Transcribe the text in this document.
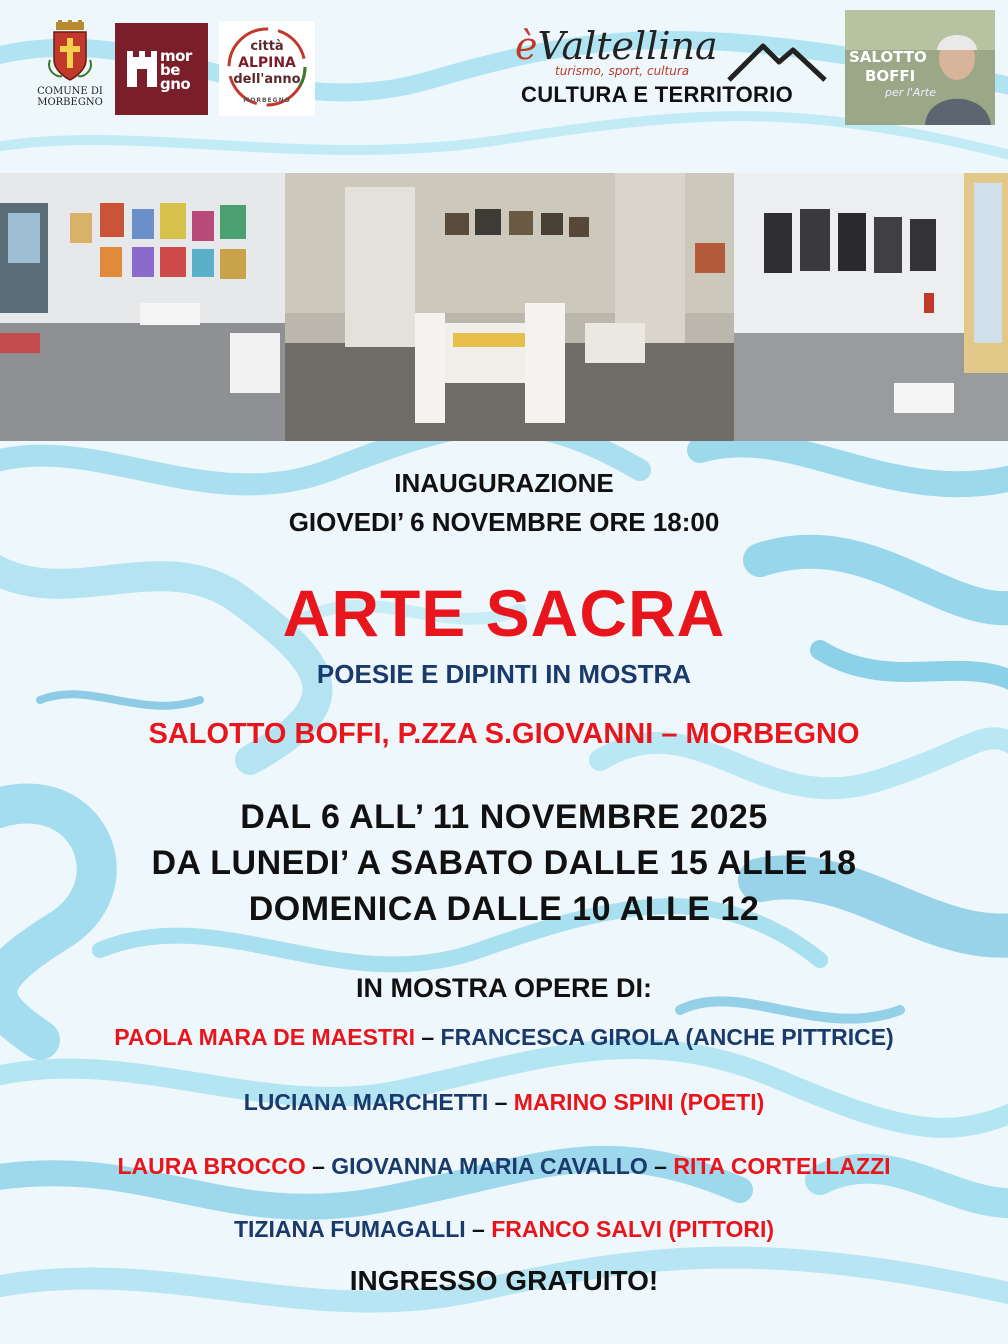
COMUNE DI
MORBEGNO
mor
be
gno
città
ALPINA
dell'anno
MORBEGNO
èValtellina
turismo, sport, cultura
CULTURA E TERRITORIO
SALOTTO
BOFFI
per l'Arte
INAUGURAZIONE
GIOVEDI’ 6 NOVEMBRE ORE 18:00
ARTE SACRA
POESIE E DIPINTI IN MOSTRA
SALOTTO BOFFI, P.ZZA S.GIOVANNI – MORBEGNO
DAL 6 ALL’ 11 NOVEMBRE 2025
DA LUNEDI’ A SABATO DALLE 15 ALLE 18
DOMENICA DALLE 10 ALLE 12
IN MOSTRA OPERE DI:
PAOLA MARA DE MAESTRI – FRANCESCA GIROLA (ANCHE PITTRICE)
LUCIANA MARCHETTI – MARINO SPINI (POETI)
LAURA BROCCO – GIOVANNA MARIA CAVALLO – RITA CORTELLAZZI
TIZIANA FUMAGALLI – FRANCO SALVI (PITTORI)
INGRESSO GRATUITO!
